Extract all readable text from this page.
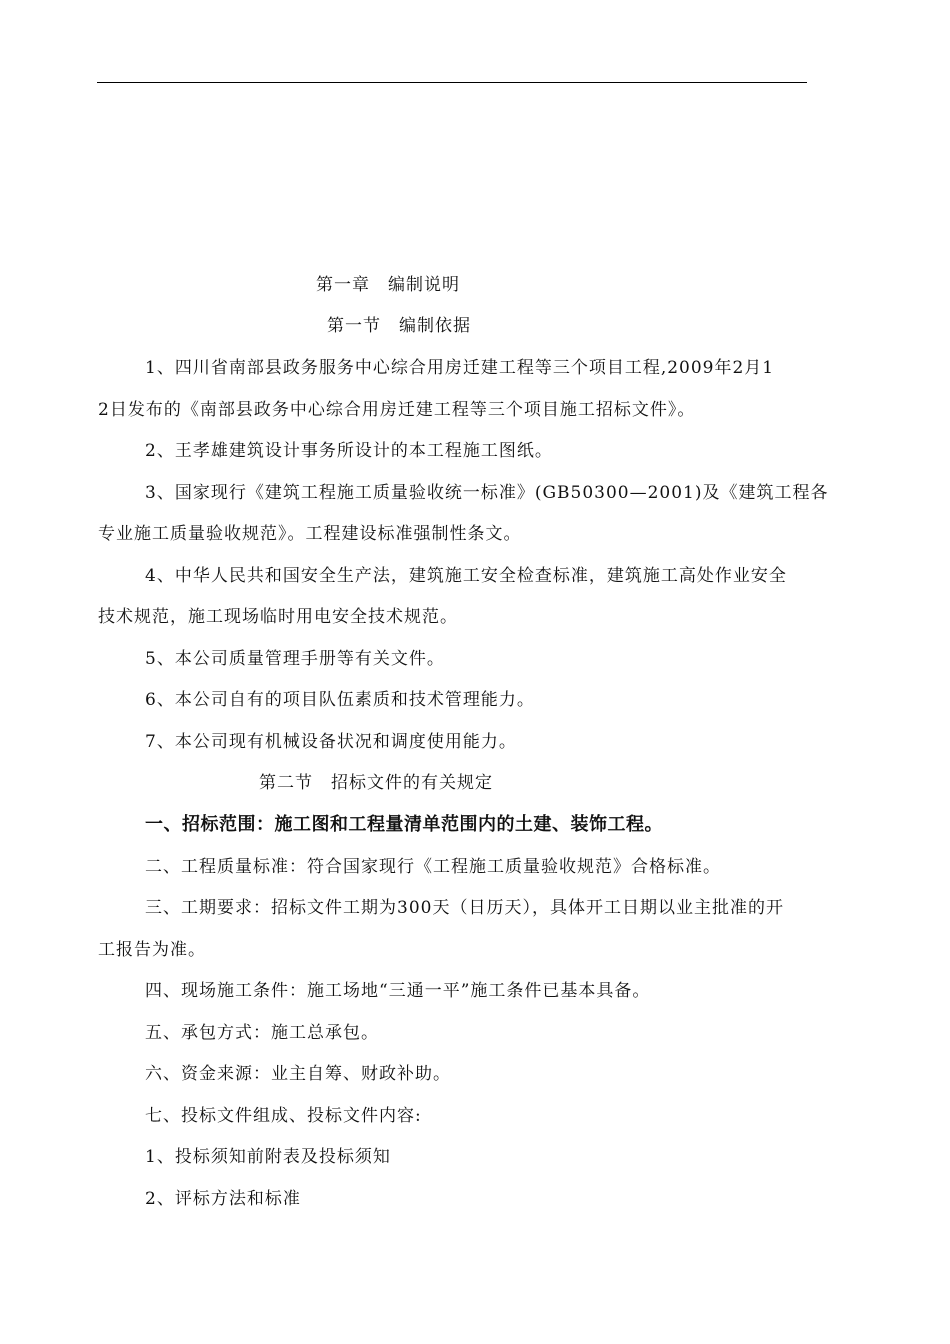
第一章　编制说明
第一节　编制依据
1、四川省南部县政务服务中心综合用房迁建工程等三个项目工程,2009年2月1
2日发布的《南部县政务中心综合用房迁建工程等三个项目施工招标文件》。
2、王孝雄建筑设计事务所设计的本工程施工图纸。
3、国家现行《建筑工程施工质量验收统一标准》(GB50300—2001)及《建筑工程各
专业施工质量验收规范》。工程建设标准强制性条文。
4、中华人民共和国安全生产法，建筑施工安全检查标准，建筑施工高处作业安全
技术规范，施工现场临时用电安全技术规范。
5、本公司质量管理手册等有关文件。
6、本公司自有的项目队伍素质和技术管理能力。
7、本公司现有机械设备状况和调度使用能力。
第二节　招标文件的有关规定
一、招标范围：施工图和工程量清单范围内的土建、装饰工程。
二、工程质量标准：符合国家现行《工程施工质量验收规范》合格标准。
三、工期要求：招标文件工期为300天（日历天），具体开工日期以业主批准的开
工报告为准。
四、现场施工条件：施工场地“三通一平”施工条件已基本具备。
五、承包方式：施工总承包。
六、资金来源：业主自筹、财政补助。
七、投标文件组成、投标文件内容:
1、投标须知前附表及投标须知
2、评标方法和标准
